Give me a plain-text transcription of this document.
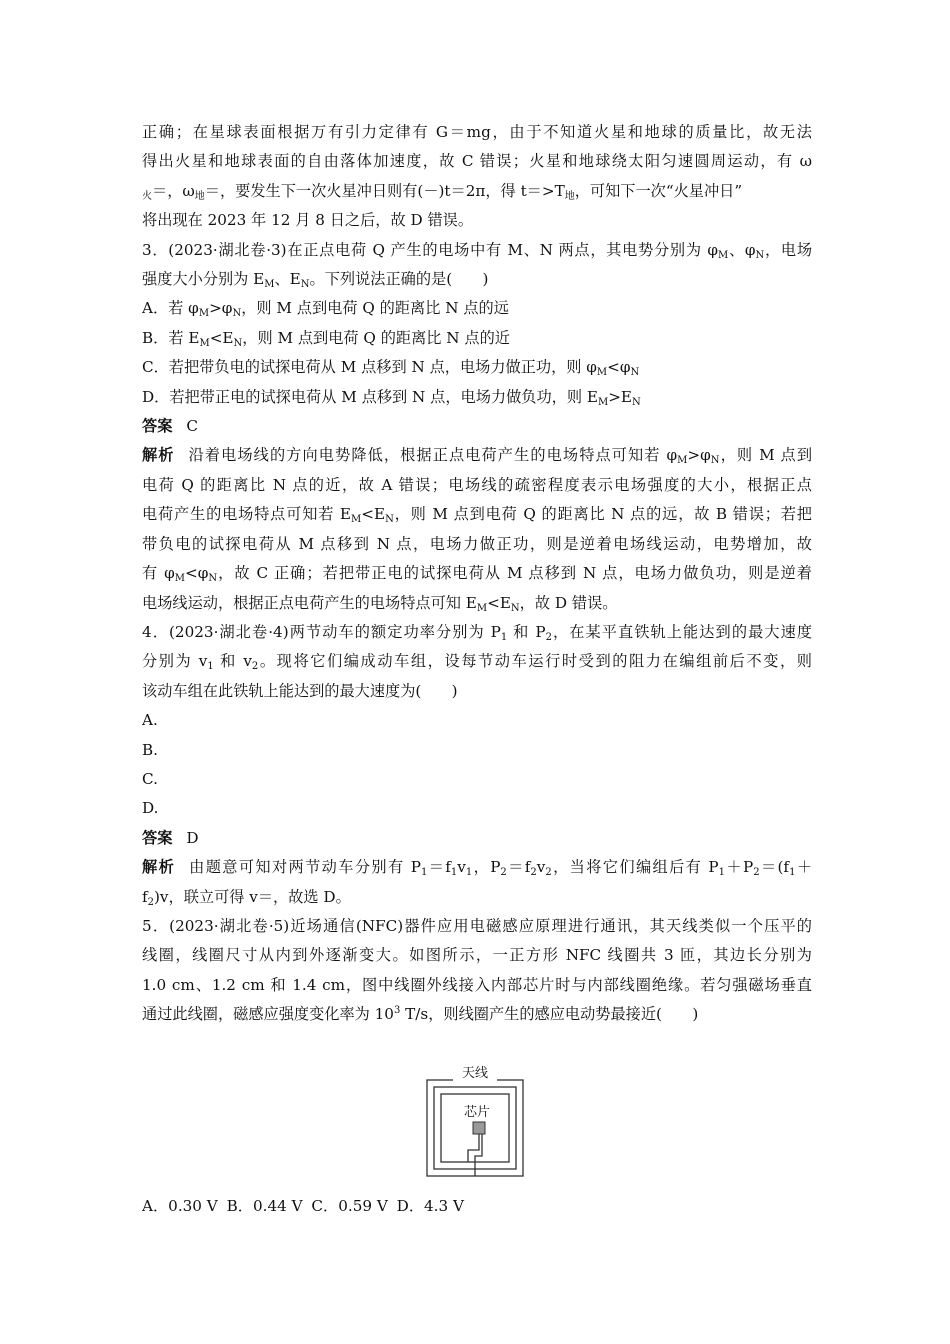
正确；在星球表面根据万有引力定律有 G＝mg，由于不知道火星和地球的质量比，故无法
得出火星和地球表面的自由落体加速度，故 C 错误；火星和地球绕太阳匀速圆周运动，有 ω
$_火$＝，$\omega_地=$，要发生下一次火星冲日则有(－)t＝2π，得 $t=>T_地$，可知下一次“火星冲日”
将出现在 2023 年 12 月 8 日之后，故 D 错误。
3．(2023·湖北卷·3)在正点电荷 Q 产生的电场中有 M、N 两点，其电势分别为 $\varphi_M$、$\varphi_N$，电场
强度大小分别为 $E_M$、$E_N$。下列说法正确的是(　　)
A．若 $\varphi_M>\varphi_N$，则 M 点到电荷 Q 的距离比 N 点的远
B．若 $E_M<E_N$，则 M 点到电荷 Q 的距离比 N 点的近
C．若把带负电的试探电荷从 M 点移到 N 点，电场力做正功，则 $\varphi_M<\varphi_N$
D．若把带正电的试探电荷从 M 点移到 N 点，电场力做负功，则 $E_M>E_N$
答案 C
解析 沿着电场线的方向电势降低，根据正点电荷产生的电场特点可知若 $\varphi_M>\varphi_N$，则 M 点到
电荷 Q 的距离比 N 点的近，故 A 错误；电场线的疏密程度表示电场强度的大小，根据正点
电荷产生的电场特点可知若 $E_M<E_N$，则 M 点到电荷 Q 的距离比 N 点的远，故 B 错误；若把
带负电的试探电荷从 M 点移到 N 点，电场力做正功，则是逆着电场线运动，电势增加，故
有 $\varphi_M<\varphi_N$，故 C 正确；若把带正电的试探电荷从 M 点移到 N 点，电场力做负功，则是逆着
电场线运动，根据正点电荷产生的电场特点可知 $E_M<E_N$，故 D 错误。
4．(2023·湖北卷·4)两节动车的额定功率分别为 $P_1$ 和 $P_2$，在某平直铁轨上能达到的最大速度
分别为 $v_1$ 和 $v_2$。现将它们编成动车组，设每节动车运行时受到的阻力在编组前后不变，则
该动车组在此铁轨上能达到的最大速度为(　　)
A.
B.
C.
D.
答案 D
解析 由题意可知对两节动车分别有 $P_1=f_1v_1$，$P_2=f_2v_2$，当将它们编组后有 $P_1+P_2=(f_1+$
$f_2)v$，联立可得 v＝，故选 D。
5．(2023·湖北卷·5)近场通信(NFC)器件应用电磁感应原理进行通讯，其天线类似一个压平的
线圈，线圈尺寸从内到外逐渐变大。如图所示，一正方形 NFC 线圈共 3 匝，其边长分别为
1.0 cm、1.2 cm 和 1.4 cm，图中线圈外线接入内部芯片时与内部线圈绝缘。若匀强磁场垂直
通过此线圈，磁感应强度变化率为 $10^3$ T/s，则线圈产生的感应电动势最接近(　　)
天线
芯片
A．0.30 V B．0.44 V C．0.59 V D．4.3 V
